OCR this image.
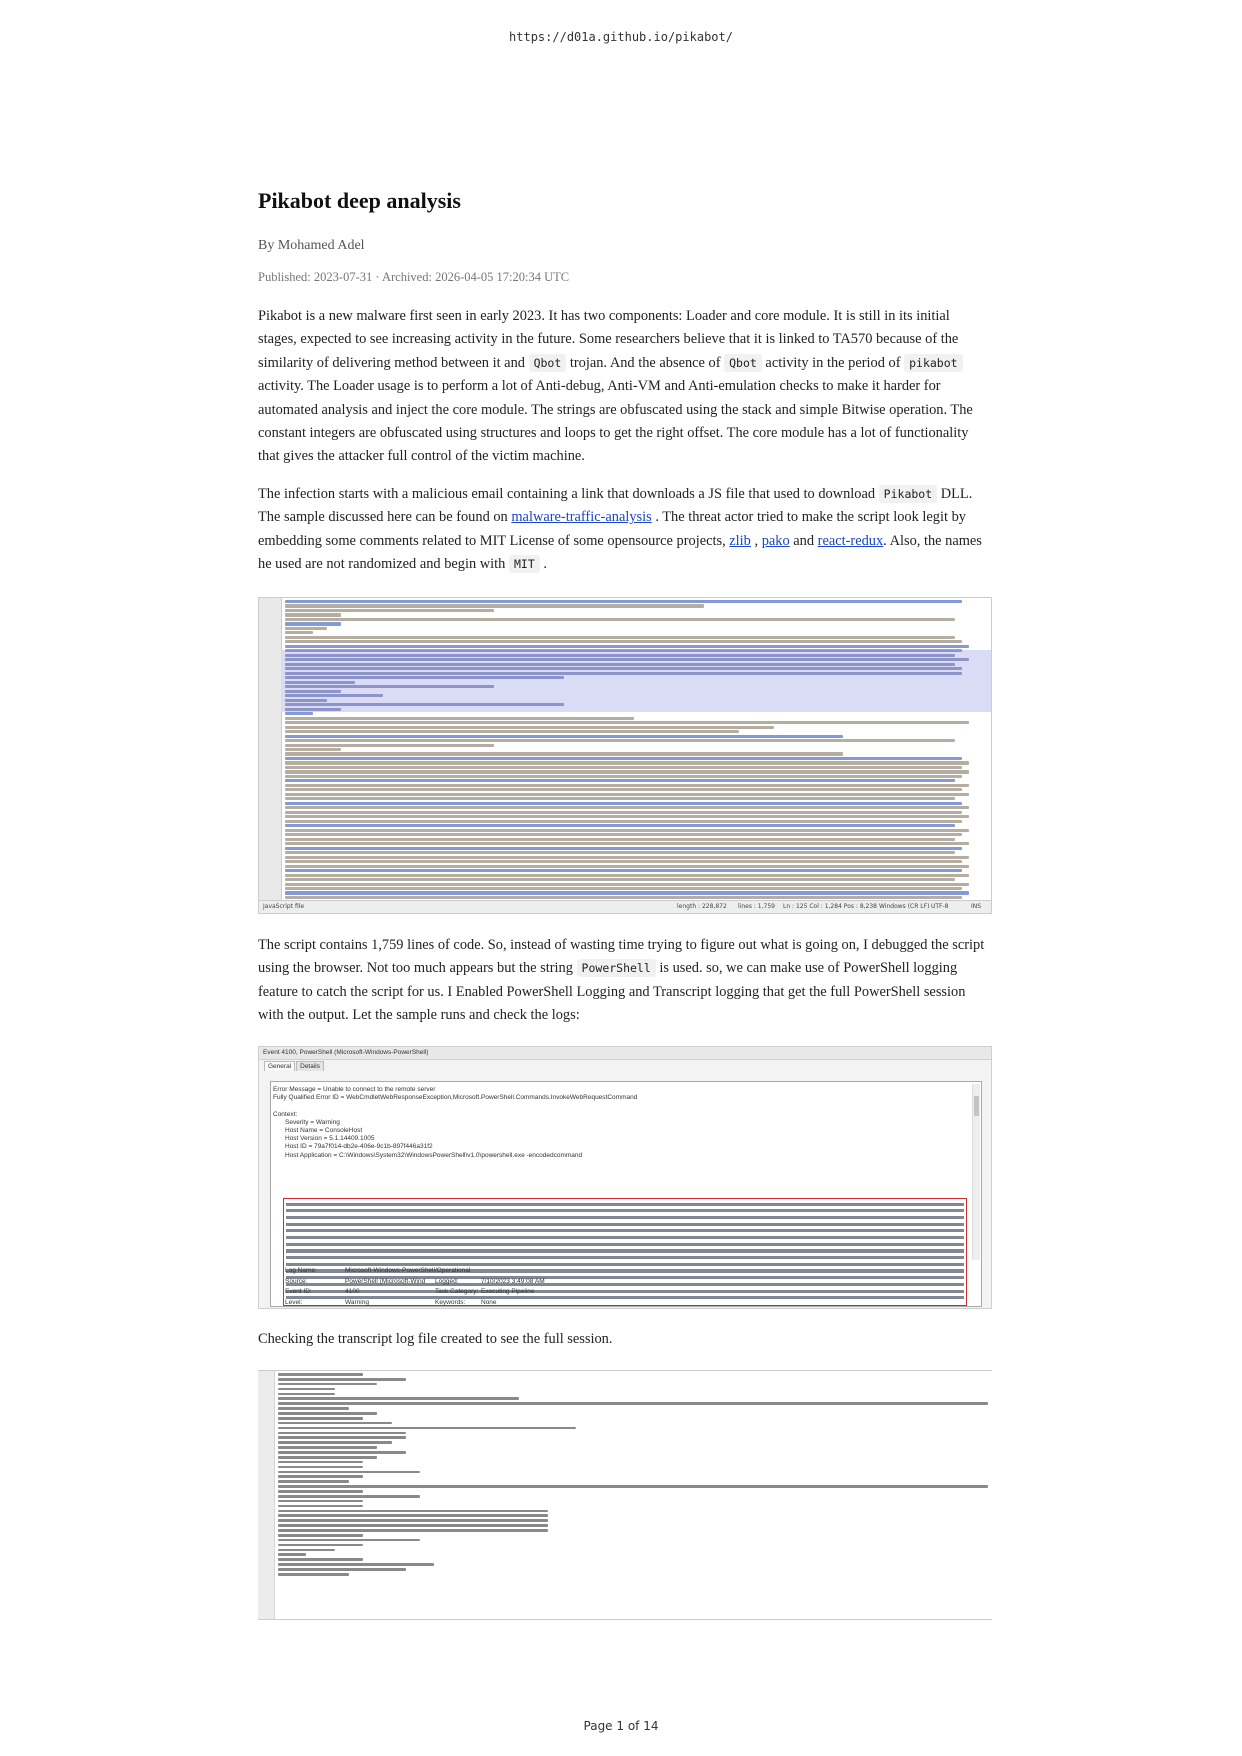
https://d01a.github.io/pikabot/
Pikabot deep analysis
By Mohamed Adel
Published: 2023-07-31 · Archived: 2026-04-05 17:20:34 UTC

Pikabot is a new malware first seen in early 2023. It has two components: Loader and core module. It is still in its initial stages, expected to see increasing activity in the future. Some researchers believe that it is linked to TA570 because of the similarity of delivering method between it and Qbot trojan. And the absence of Qbot activity in the period of pikabot activity. The Loader usage is to perform a lot of Anti-debug, Anti-VM and Anti-emulation checks to make it harder for automated analysis and inject the core module. The strings are obfuscated using the stack and simple Bitwise operation. The constant integers are obfuscated using structures and loops to get the right offset. The core module has a lot of functionality that gives the attacker full control of the victim machine.

The infection starts with a malicious email containing a link that downloads a JS file that used to download Pikabot DLL. The sample discussed here can be found on malware-traffic-analysis . The threat actor tried to make the script look legit by embedding some comments related to MIT License of some opensource projects, zlib , pako and react-redux. Also, the names he used are not randomized and begin with MIT .

JavaScript file	length : 228,872 lines : 1,759 Ln : 125 Col : 1,284 Pos : 8,238 Windows (CR LF) UTF-8	INS

The script contains 1,759 lines of code. So, instead of wasting time trying to figure out what is going on, I debugged the script using the browser. Not too much appears but the string PowerShell is used. so, we can make use of PowerShell logging feature to catch the script for us. I Enabled PowerShell Logging and Transcript logging that get the full PowerShell session with the output. Let the sample runs and check the logs:

Event 4100, PowerShell (Microsoft-Windows-PowerShell)
General Details
Error Message = Unable to connect to the remote server
Fully Qualified Error ID = WebCmdletWebResponseException,Microsoft.PowerShell.Commands.InvokeWebRequestCommand

Context:
Severity = Warning
Host Name = ConsoleHost
Host Version = 5.1.14409.1005
Host ID = 79a7f014-db2e-406e-9c1b-897f446a31f2
Host Application = C:\Windows\System32\WindowsPowerShell\v1.0\powershell.exe -encodedcommand
Log Name:	Microsoft-Windows-PowerShell/Operational
Source:	PowerShell (Microsoft-Wind Logged:	7/10/2023 3:49:08 AM
Event ID:	4100	Task Category: Executing Pipeline
Level:	Warning	Keywords: None

Checking the transcript log file created to see the full session.

Page 1 of 14
